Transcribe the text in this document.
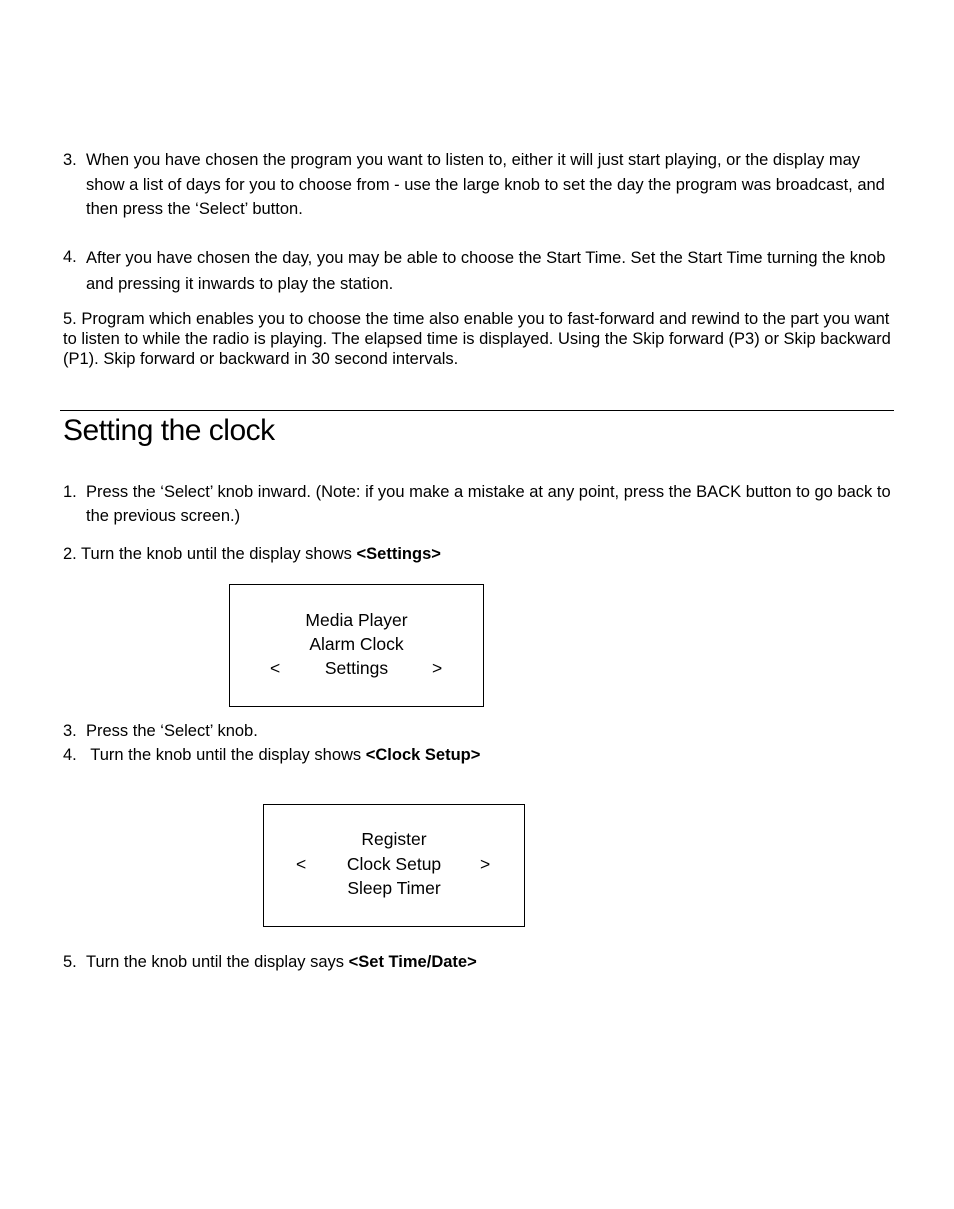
3. When you have chosen the program you want to listen to, either it will just start playing, or the display may show a list of days for you to choose from - use the large knob to set the day the program was broadcast, and then press the ‘Select’ button.
4. After you have chosen the day, you may be able to choose the Start Time. Set the Start Time turning the knob and pressing it inwards to play the station.

5. Program which enables you to choose the time also enable you to fast-forward and rewind to the part you want to listen to while the radio is playing. The elapsed time is displayed. Using the Skip forward (P3) or Skip backward (P1). Skip forward or backward in 30 second intervals.

Setting the clock
1. Press the ‘Select’ knob inward. (Note: if you make a mistake at any point, press the BACK button to go back to the previous screen.)
2. Turn the knob until the display shows <Settings>
Media Player
Alarm Clock
Settings
<	>
3. Press the ‘Select’ knob.
4. Turn the knob until the display shows <Clock Setup>
Register
Clock Setup
Sleep Timer
<	>
5. Turn the knob until the display says <Set Time/Date>
